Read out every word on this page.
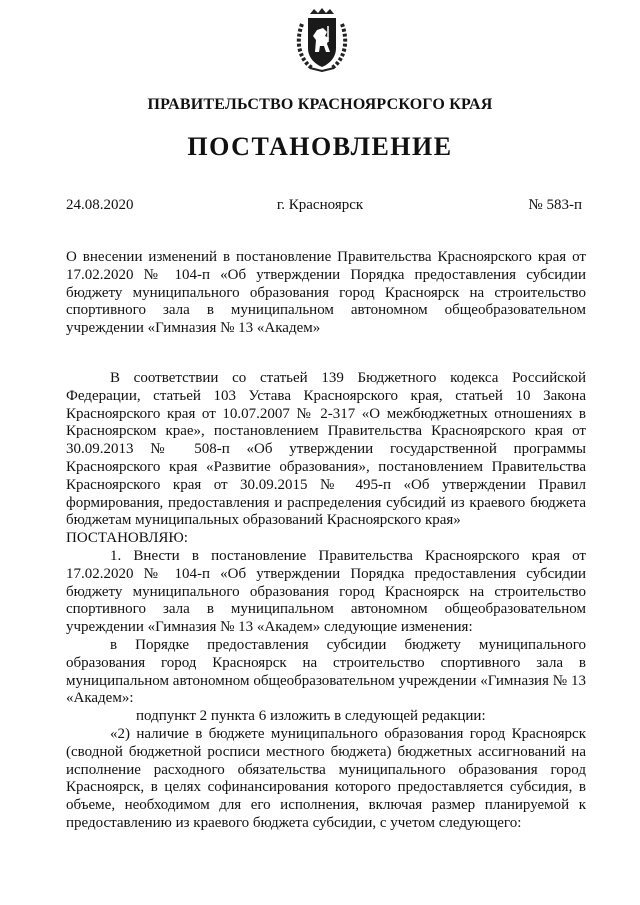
ПРАВИТЕЛЬСТВО КРАСНОЯРСКОГО КРАЯ
ПОСТАНОВЛЕНИЕ
24.08.2020	г. Красноярск	№ 583-п

О внесении изменений в постановление Правительства Красноярского края от 17.02.2020 № 104-п «Об утверждении Порядка предоставления субсидии бюджету муниципального образования город Красноярск на строительство спортивного зала в муниципальном автономном общеобразовательном учреждении «Гимназия № 13 «Академ»

В соответствии со статьей 139 Бюджетного кодекса Российской Федерации, статьей 103 Устава Красноярского края, статьей 10 Закона Красноярского края от 10.07.2007 № 2-317 «О межбюджетных отношениях в Красноярском крае», постановлением Правительства Красноярского края от 30.09.2013 № 508-п «Об утверждении государственной программы Красноярского края «Развитие образования», постановлением Правительства Красноярского края от 30.09.2015 № 495-п «Об утверждении Правил формирования, предоставления и распределения субсидий из краевого бюджета бюджетам муниципальных образований Красноярского края»

ПОСТАНОВЛЯЮ:

1. Внести в постановление Правительства Красноярского края от 17.02.2020 № 104-п «Об утверждении Порядка предоставления субсидии бюджету муниципального образования город Красноярск на строительство спортивного зала в муниципальном автономном общеобразовательном учреждении «Гимназия № 13 «Академ» следующие изменения:

в Порядке предоставления субсидии бюджету муниципального образования город Красноярск на строительство спортивного зала в муниципальном автономном общеобразовательном учреждении «Гимназия № 13 «Академ»:

подпункт 2 пункта 6 изложить в следующей редакции:

«2) наличие в бюджете муниципального образования город Красноярск (сводной бюджетной росписи местного бюджета) бюджетных ассигнований на исполнение расходного обязательства муниципального образования город Красноярск, в целях софинансирования которого предоставляется субсидия, в объеме, необходимом для его исполнения, включая размер планируемой к предоставлению из краевого бюджета субсидии, с учетом следующего:
